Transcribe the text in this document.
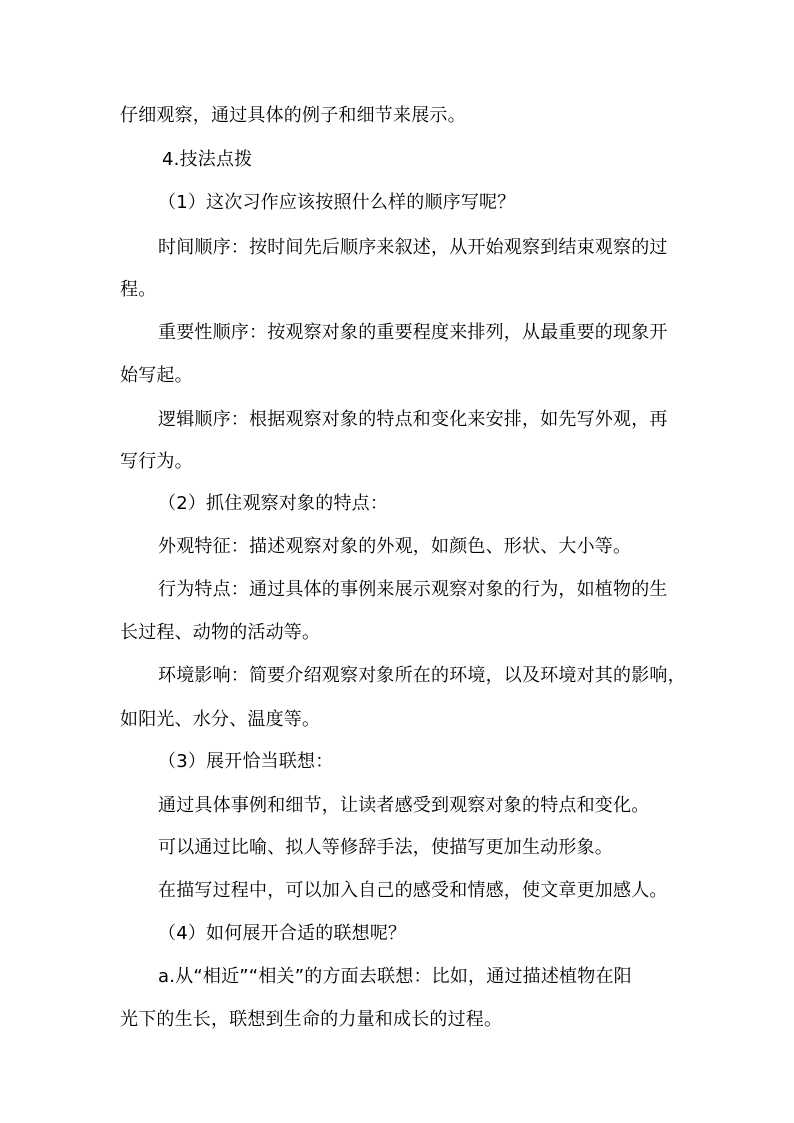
仔细观察，通过具体的例子和细节来展示。
4.技法点拨
（1）这次习作应该按照什么样的顺序写呢？
时间顺序：按时间先后顺序来叙述，从开始观察到结束观察的过
程。
重要性顺序：按观察对象的重要程度来排列，从最重要的现象开
始写起。
逻辑顺序：根据观察对象的特点和变化来安排，如先写外观，再
写行为。
（2）抓住观察对象的特点：
外观特征：描述观察对象的外观，如颜色、形状、大小等。
行为特点：通过具体的事例来展示观察对象的行为，如植物的生
长过程、动物的活动等。
环境影响：简要介绍观察对象所在的环境，以及环境对其的影响，
如阳光、水分、温度等。
（3）展开恰当联想：
通过具体事例和细节，让读者感受到观察对象的特点和变化。
可以通过比喻、拟人等修辞手法，使描写更加生动形象。
在描写过程中，可以加入自己的感受和情感，使文章更加感人。
（4）如何展开合适的联想呢？
a.从“相近”“相关”的方面去联想：比如，通过描述植物在阳
光下的生长，联想到生命的力量和成长的过程。
